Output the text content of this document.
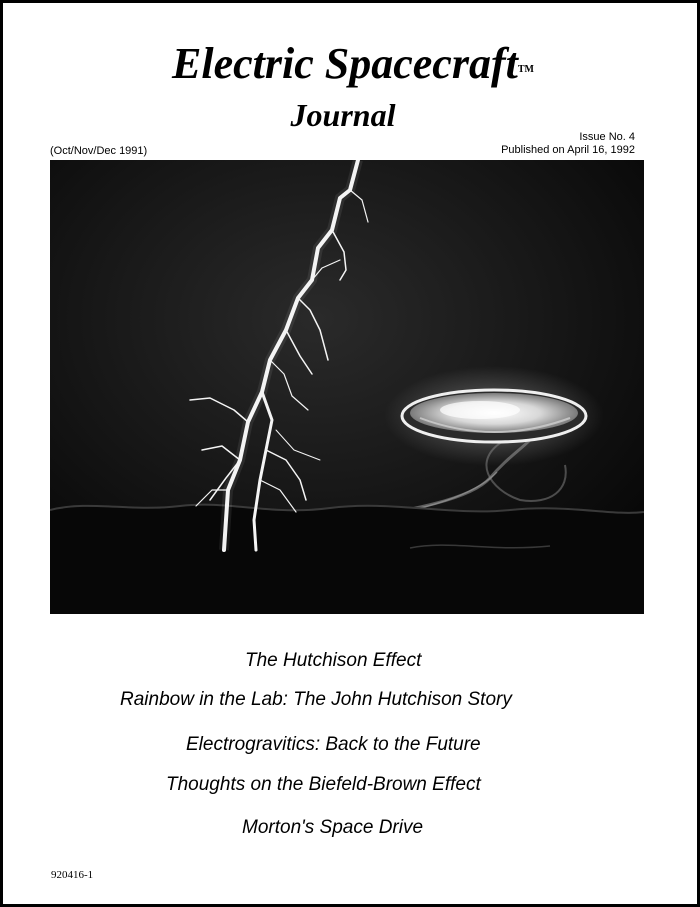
Electric Spacecraft™
Journal
(Oct/Nov/Dec 1991)
Issue No. 4
Published on April 16, 1992
The Hutchison Effect
Rainbow in the Lab: The John Hutchison Story
Electrogravitics: Back to the Future
Thoughts on the Biefeld-Brown Effect
Morton's Space Drive
920416-1
